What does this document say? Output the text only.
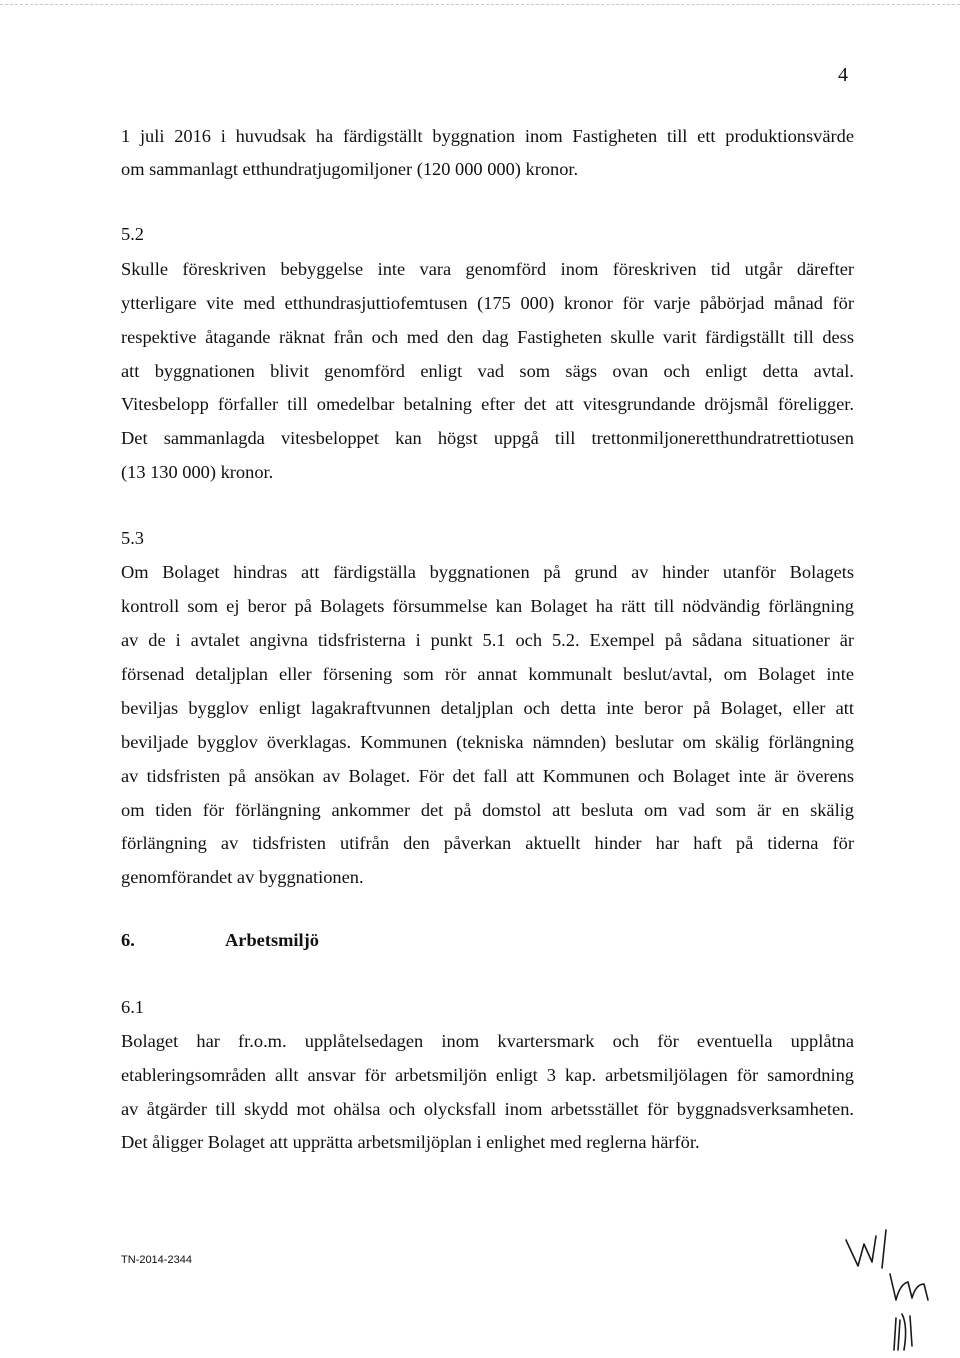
4
1 juli 2016 i huvudsak ha färdigställt byggnation inom Fastigheten till ett produktionsvärde
om sammanlagt etthundratjugomiljoner (120 000 000) kronor.
5.2
Skulle föreskriven bebyggelse inte vara genomförd inom föreskriven tid utgår därefter
ytterligare vite med etthundrasjuttiofemtusen (175 000) kronor för varje påbörjad månad för
respektive åtagande räknat från och med den dag Fastigheten skulle varit färdigställt till dess
att byggnationen blivit genomförd enligt vad som sägs ovan och enligt detta avtal.
Vitesbelopp förfaller till omedelbar betalning efter det att vitesgrundande dröjsmål föreligger.
Det sammanlagda vitesbeloppet kan högst uppgå till trettonmiljoneretthundratrettiotusen
(13 130 000) kronor.
5.3
Om Bolaget hindras att färdigställa byggnationen på grund av hinder utanför Bolagets
kontroll som ej beror på Bolagets försummelse kan Bolaget ha rätt till nödvändig förlängning
av de i avtalet angivna tidsfristerna i punkt 5.1 och 5.2. Exempel på sådana situationer är
försenad detaljplan eller försening som rör annat kommunalt beslut/avtal, om Bolaget inte
beviljas bygglov enligt lagakraftvunnen detaljplan och detta inte beror på Bolaget, eller att
beviljade bygglov överklagas. Kommunen (tekniska nämnden) beslutar om skälig förlängning
av tidsfristen på ansökan av Bolaget. För det fall att Kommunen och Bolaget inte är överens
om tiden för förlängning ankommer det på domstol att besluta om vad som är en skälig
förlängning av tidsfristen utifrån den påverkan aktuellt hinder har haft på tiderna för
genomförandet av byggnationen.
6.	Arbetsmiljö
6.1
Bolaget har fr.o.m. upplåtelsedagen inom kvartersmark och för eventuella upplåtna
etableringsområden allt ansvar för arbetsmiljön enligt 3 kap. arbetsmiljölagen för samordning
av åtgärder till skydd mot ohälsa och olycksfall inom arbetsstället för byggnadsverksamheten.
Det åligger Bolaget att upprätta arbetsmiljöplan i enlighet med reglerna härför.
TN-2014-2344
